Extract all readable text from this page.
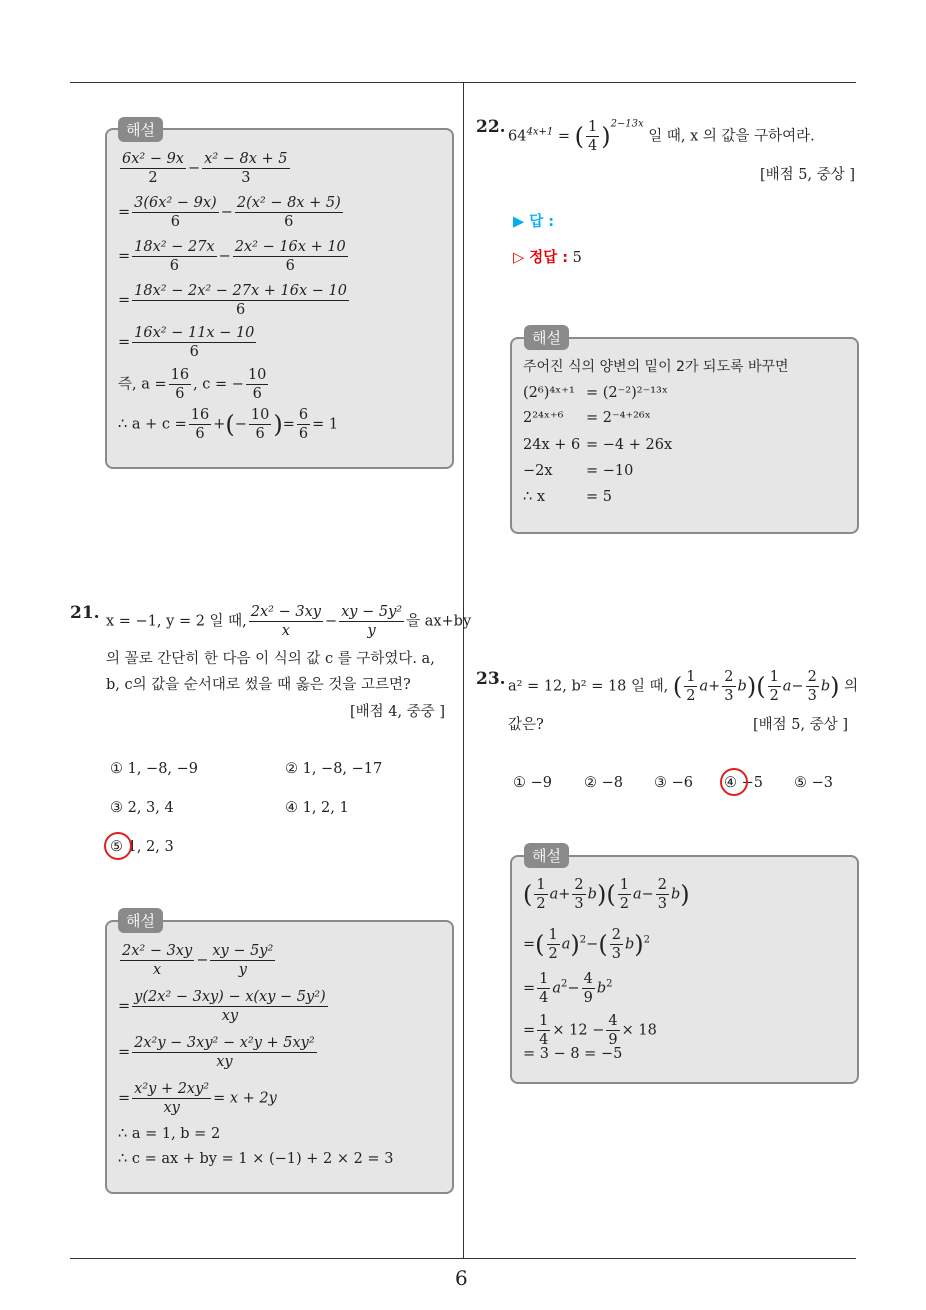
6
해설
$\frac{\text{6x² − 9x}}{2} - \frac{\text{x² − 8x + 5}}{3}$
= $\frac{\text{3(6x² − 9x)}}{6} - \frac{\text{2(x² − 8x + 5)}}{6}$
= $\frac{\text{18x² − 27x}}{6} - \frac{\text{2x² − 16x + 10}}{6}$
= $\frac{\text{18x² − 2x² − 27x + 16x − 10}}{6}$
= $\frac{\text{16x² − 11x − 10}}{6}$
즉, $a = \frac{16}{6}$ , c = − $\frac{10}{6}$
∴ $a + c = \frac{16}{6}$ +(− $\frac{10}{6}$ )= $\frac{6}{6} = 1$
21. x = −1, y = 2 일 때, $\frac{\text{2x² − 3xy}}{x} - \frac{\text{xy − 5y²}}{y}$ 을 ax+by
의 꼴로 간단히 한 다음 이 식의 값 c 를 구하였다. a,
b, c의 값을 순서대로 썼을 때 옳은 것을 고르면?
[배점 4, 중중 ]
① 1, −8, −9	② 1, −8, −17
③ 2, 3, 4	④ 1, 2, 1
⑤ 1, 2, 3
해설
$\frac{\text{2x² − 3xy}}{x} - \frac{\text{xy − 5y²}}{y}$
= $\frac{\text{y(2x² − 3xy) − x(xy − 5y²)}}{xy}$
= $\frac{\text{2x²y − 3xy² − x²y + 5xy²}}{xy}$
= $\frac{\text{x²y + 2xy²}}{xy} = x + 2y$
∴ a = 1, b = 2
∴ c = ax + by = 1 × (−1) + 2 × 2 = 3
22. $64^{4x+1}$ = ( $\frac{1}{4} )^{2-13x}$ 일 때, x 의 값을 구하여라.
[배점 5, 중상 ]
▶ 답 :
▷ 정답 : 5
해설
주어진 식의 양변의 밑이 2가 되도록 바꾸면
(2⁶)⁴ˣ⁺¹ = (2⁻²)²⁻¹³ˣ
2²⁴ˣ⁺⁶ = 2⁻⁴⁺²⁶ˣ
24x + 6 = −4 + 26x
−2x = −10
∴ x	= 5
23. a² = 12, b² = 18 일 때, ( $\frac{1}{2} a+ \frac{2}{3} b)( \frac{1}{2} a- \frac{2}{3} b)$ 의
값은?	[배점 5, 중상 ]
① −9 ② −8 ③ −6 ④ −5 ⑤ −3
해설
( $\frac{1}{2} a+ \frac{2}{3} b)( \frac{1}{2} a- \frac{2}{3} b)$
=( $\frac{1}{2} a)^2-( \frac{2}{3} b)^2$
= $\frac{1}{4} a^2- \frac{4}{9} b^2$
= $\frac{1}{4} \times 12 - \frac{4}{9} \times 18$
= 3 − 8 = −5
